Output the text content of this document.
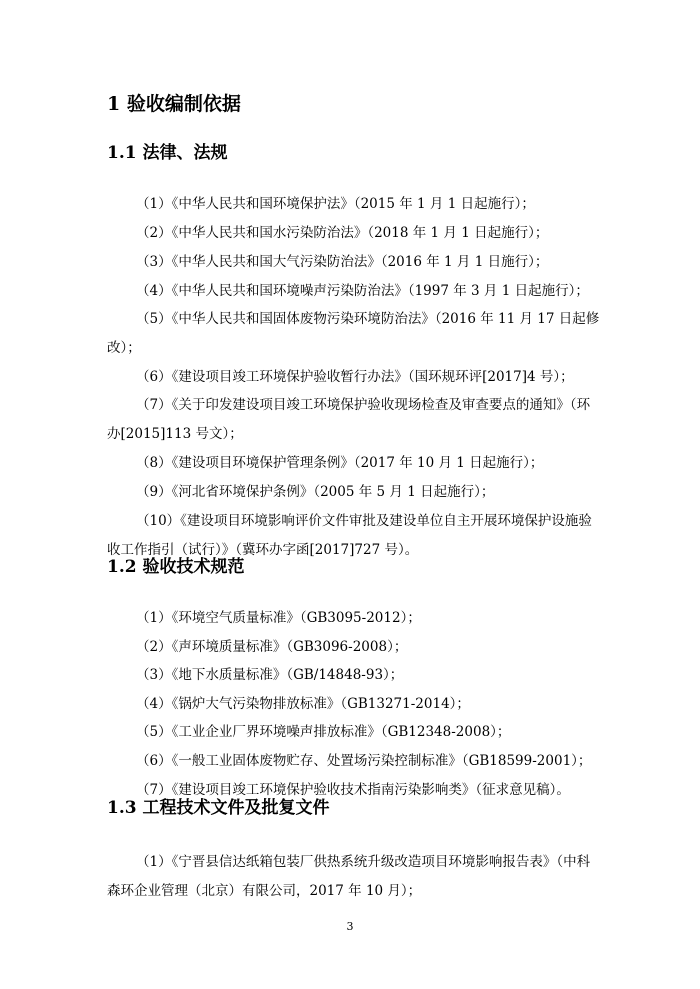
1 验收编制依据
1.1 法律、法规

（1）《中华人民共和国环境保护法》（2015 年 1 月 1 日起施行）；

（2）《中华人民共和国水污染防治法》（2018 年 1 月 1 日起施行）；

（3）《中华人民共和国大气污染防治法》（2016 年 1 月 1 日施行）；

（4）《中华人民共和国环境噪声污染防治法》（1997 年 3 月 1 日起施行）；

（5）《中华人民共和国固体废物污染环境防治法》（2016 年 11 月 17 日起修改）；

（6）《建设项目竣工环境保护验收暂行办法》（国环规环评[2017]4 号）；

（7）《关于印发建设项目竣工环境保护验收现场检查及审查要点的通知》（环办[2015]113 号文）；

（8）《建设项目环境保护管理条例》（2017 年 10 月 1 日起施行）；

（9）《河北省环境保护条例》（2005 年 5 月 1 日起施行）；

（10）《建设项目环境影响评价文件审批及建设单位自主开展环境保护设施验收工作指引（试行）》（冀环办字函[2017]727 号）。

1.2 验收技术规范

（1）《环境空气质量标准》（GB3095-2012）；

（2）《声环境质量标准》（GB3096-2008）；

（3）《地下水质量标准》（GB/14848-93）；

（4）《锅炉大气污染物排放标准》（GB13271-2014）；

（5）《工业企业厂界环境噪声排放标准》（GB12348-2008）；

（6）《一般工业固体废物贮存、处置场污染控制标准》（GB18599-2001）；

（7）《建设项目竣工环境保护验收技术指南污染影响类》（征求意见稿）。

1.3 工程技术文件及批复文件

（1）《宁晋县信达纸箱包装厂供热系统升级改造项目环境影响报告表》（中科森环企业管理（北京）有限公司，2017 年 10 月）；

3
